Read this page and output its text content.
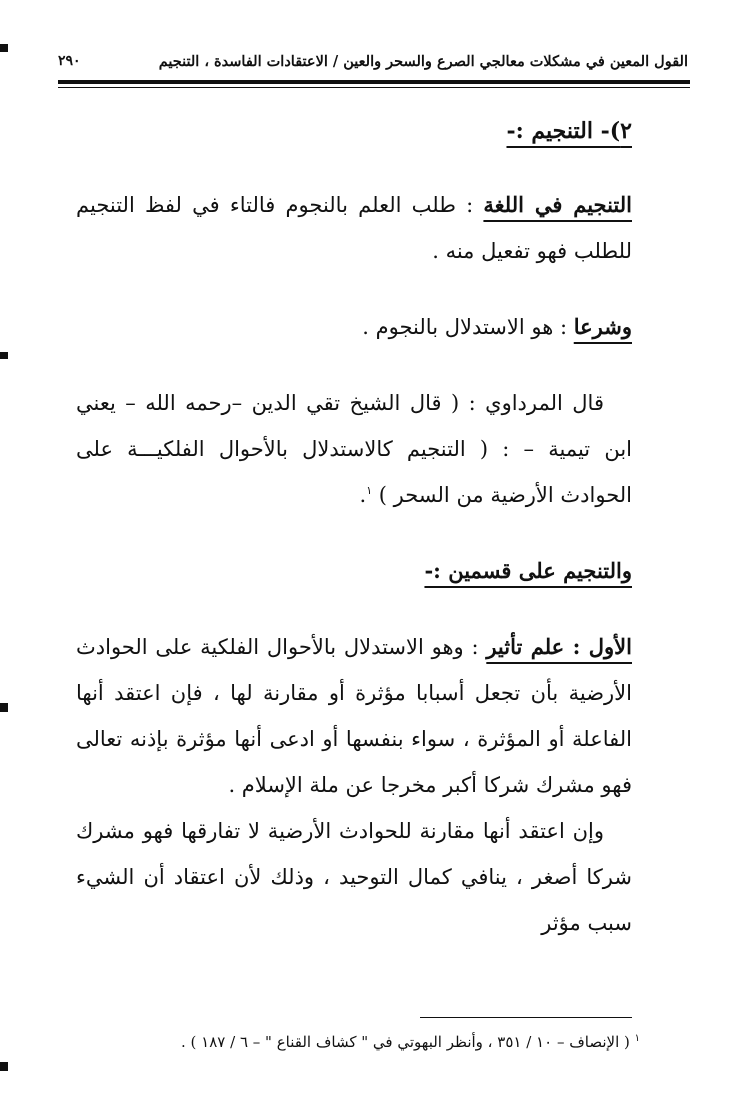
القول المعين في مشكلات معالجي الصرع والسحر والعين / الاعتقادات الفاسدة ، التنجيم
٢٩٠

٢)- التنجيم :-

التنجيم في اللغة : طلب العلم بالنجوم فالتاء في لفظ التنجيم للطلب فهو تفعيل منه .

وشرعا : هو الاستدلال بالنجوم .

قال المرداوي : ( قال الشيخ تقي الدين –رحمه الله – يعني ابن تيمية – : ( التنجيم كالاستدلال بالأحوال الفلكيـــة على الحوادث الأرضية من السحر ) $^١$.

والتنجيم على قسمين :-

الأول : علم تأثير : وهو الاستدلال بالأحوال الفلكية على الحوادث الأرضية بأن تجعل أسبابا مؤثرة أو مقارنة لها ، فإن اعتقد أنها الفاعلة أو المؤثرة ، سواء بنفسها أو ادعى أنها مؤثرة بإذنه تعالى فهو مشرك شركا أكبر مخرجا عن ملة الإسلام .

وإن اعتقد أنها مقارنة للحوادث الأرضية لا تفارقها فهو مشرك شركا أصغر ، ينافي كمال التوحيد ، وذلك لأن اعتقاد أن الشيء سبب مؤثر

$^١$ ( الإنصاف – ١٠ / ٣٥١ ، وأنظر البهوتي في " كشاف القناع " – ٦ / ١٨٧ ) .
